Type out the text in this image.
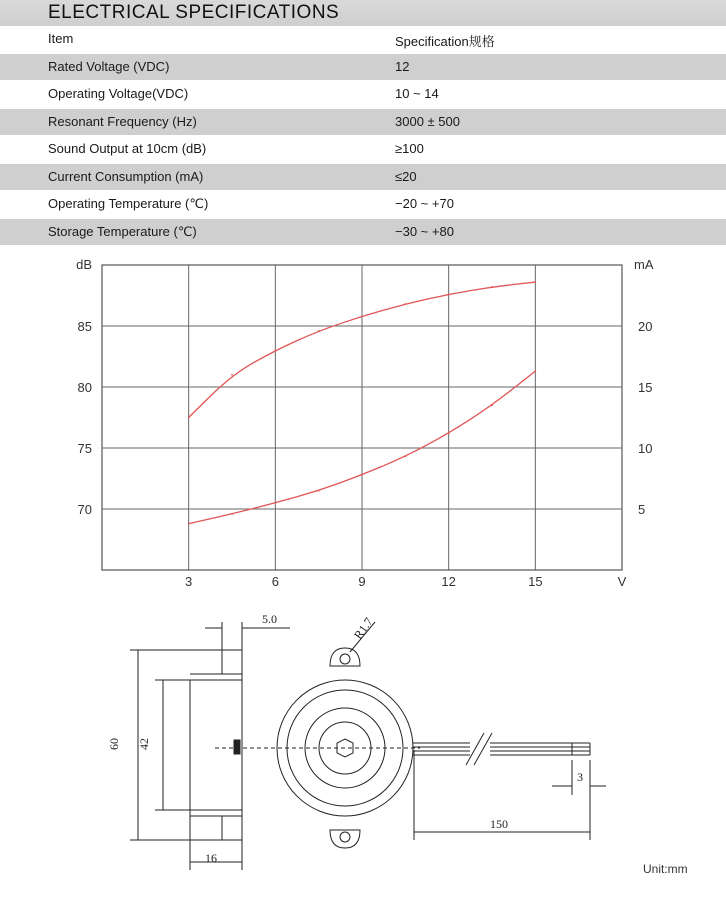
ELECTRICAL SPECIFICATIONS
Item	Specification规格
Rated Voltage (VDC)	12
Operating Voltage(VDC)	10 ~ 14
Resonant Frequency (Hz)	3000 ± 500
Sound Output at 10cm (dB)	≥100
Current Consumption (mA)	≤20
Operating Temperature (℃)	−20 ~ +70
Storage Temperature (℃)	−30 ~ +80
3	6	9	12	15
70
75
80
85
5
10
15
20
V
dB	mA
5.0
60 42
16
R1.7
3
150
Unit:mm
